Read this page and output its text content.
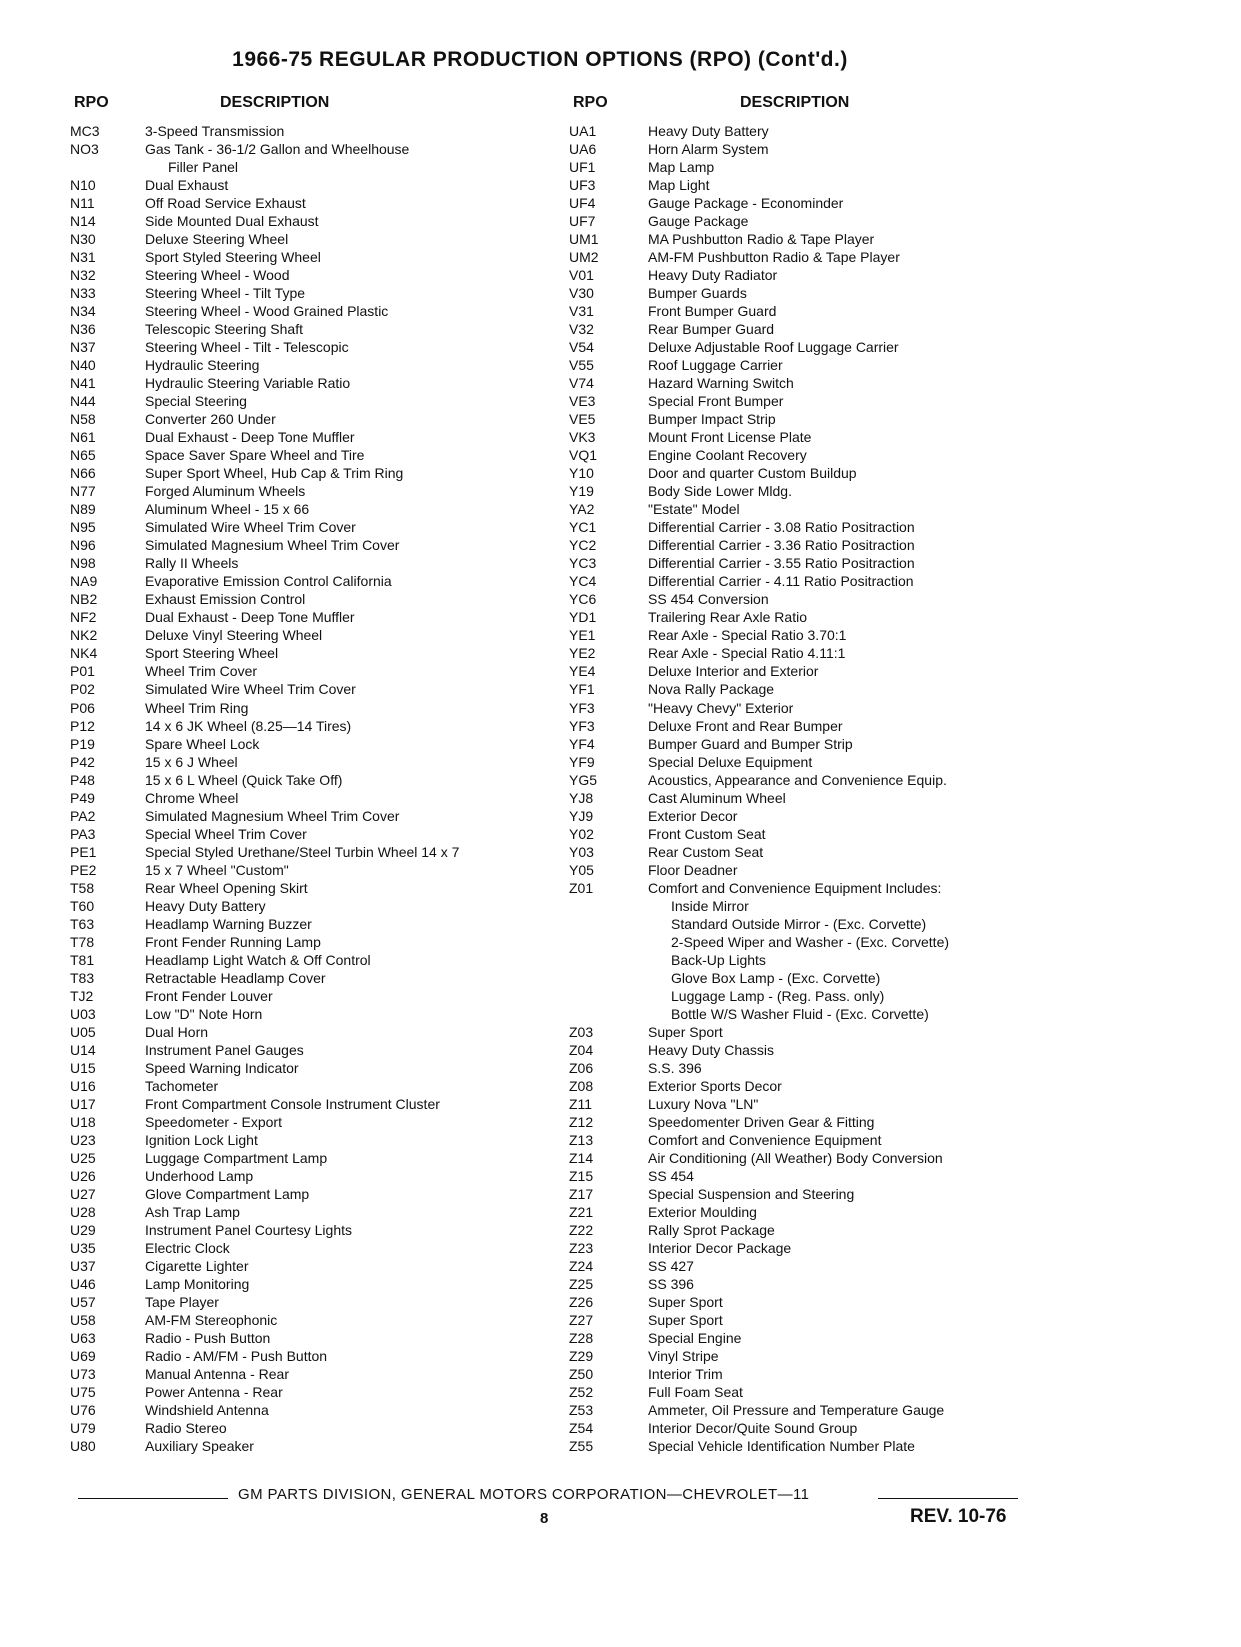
1966-75 REGULAR PRODUCTION OPTIONS (RPO) (Cont'd.)
RPO	DESCRIPTION
MC3	3-Speed Transmission
NO3	Gas Tank - 36-1/2 Gallon and Wheelhouse
Filler Panel
N10	Dual Exhaust
N11	Off Road Service Exhaust
N14	Side Mounted Dual Exhaust
N30	Deluxe Steering Wheel
N31	Sport Styled Steering Wheel
N32	Steering Wheel - Wood
N33	Steering Wheel - Tilt Type
N34	Steering Wheel - Wood Grained Plastic
N36	Telescopic Steering Shaft
N37	Steering Wheel - Tilt - Telescopic
N40	Hydraulic Steering
N41	Hydraulic Steering Variable Ratio
N44	Special Steering
N58	Converter 260 Under
N61	Dual Exhaust - Deep Tone Muffler
N65	Space Saver Spare Wheel and Tire
N66	Super Sport Wheel, Hub Cap & Trim Ring
N77	Forged Aluminum Wheels
N89	Aluminum Wheel - 15 x 66
N95	Simulated Wire Wheel Trim Cover
N96	Simulated Magnesium Wheel Trim Cover
N98	Rally II Wheels
NA9	Evaporative Emission Control California
NB2	Exhaust Emission Control
NF2	Dual Exhaust - Deep Tone Muffler
NK2	Deluxe Vinyl Steering Wheel
NK4	Sport Steering Wheel
P01	Wheel Trim Cover
P02	Simulated Wire Wheel Trim Cover
P06	Wheel Trim Ring
P12	14 x 6 JK Wheel (8.25—14 Tires)
P19	Spare Wheel Lock
P42	15 x 6 J Wheel
P48	15 x 6 L Wheel (Quick Take Off)
P49	Chrome Wheel
PA2	Simulated Magnesium Wheel Trim Cover
PA3	Special Wheel Trim Cover
PE1	Special Styled Urethane/Steel Turbin Wheel 14 x 7
PE2	15 x 7 Wheel "Custom"
T58	Rear Wheel Opening Skirt
T60	Heavy Duty Battery
T63	Headlamp Warning Buzzer
T78	Front Fender Running Lamp
T81	Headlamp Light Watch & Off Control
T83	Retractable Headlamp Cover
TJ2	Front Fender Louver
U03	Low "D" Note Horn
U05	Dual Horn
U14	Instrument Panel Gauges
U15	Speed Warning Indicator
U16	Tachometer
U17	Front Compartment Console Instrument Cluster
U18	Speedometer - Export
U23	Ignition Lock Light
U25	Luggage Compartment Lamp
U26	Underhood Lamp
U27	Glove Compartment Lamp
U28	Ash Trap Lamp
U29	Instrument Panel Courtesy Lights
U35	Electric Clock
U37	Cigarette Lighter
U46	Lamp Monitoring
U57	Tape Player
U58	AM-FM Stereophonic
U63	Radio - Push Button
U69	Radio - AM/FM - Push Button
U73	Manual Antenna - Rear
U75	Power Antenna - Rear
U76	Windshield Antenna
U79	Radio Stereo
U80	Auxiliary Speaker
RPO	DESCRIPTION
UA1	Heavy Duty Battery
UA6	Horn Alarm System
UF1	Map Lamp
UF3	Map Light
UF4	Gauge Package - Econominder
UF7	Gauge Package
UM1	MA Pushbutton Radio & Tape Player
UM2	AM-FM Pushbutton Radio & Tape Player
V01	Heavy Duty Radiator
V30	Bumper Guards
V31	Front Bumper Guard
V32	Rear Bumper Guard
V54	Deluxe Adjustable Roof Luggage Carrier
V55	Roof Luggage Carrier
V74	Hazard Warning Switch
VE3	Special Front Bumper
VE5	Bumper Impact Strip
VK3	Mount Front License Plate
VQ1	Engine Coolant Recovery
Y10	Door and quarter Custom Buildup
Y19	Body Side Lower Mldg.
YA2	"Estate" Model
YC1	Differential Carrier - 3.08 Ratio Positraction
YC2	Differential Carrier - 3.36 Ratio Positraction
YC3	Differential Carrier - 3.55 Ratio Positraction
YC4	Differential Carrier - 4.11 Ratio Positraction
YC6	SS 454 Conversion
YD1	Trailering Rear Axle Ratio
YE1	Rear Axle - Special Ratio 3.70:1
YE2	Rear Axle - Special Ratio 4.11:1
YE4	Deluxe Interior and Exterior
YF1	Nova Rally Package
YF3	"Heavy Chevy" Exterior
YF3	Deluxe Front and Rear Bumper
YF4	Bumper Guard and Bumper Strip
YF9	Special Deluxe Equipment
YG5	Acoustics, Appearance and Convenience Equip.
YJ8	Cast Aluminum Wheel
YJ9	Exterior Decor
Y02	Front Custom Seat
Y03	Rear Custom Seat
Y05	Floor Deadner
Z01	Comfort and Convenience Equipment Includes:
Inside Mirror
Standard Outside Mirror - (Exc. Corvette)
2-Speed Wiper and Washer - (Exc. Corvette)
Back-Up Lights
Glove Box Lamp - (Exc. Corvette)
Luggage Lamp - (Reg. Pass. only)
Bottle W/S Washer Fluid - (Exc. Corvette)
Z03	Super Sport
Z04	Heavy Duty Chassis
Z06	S.S. 396
Z08	Exterior Sports Decor
Z11	Luxury Nova "LN"
Z12	Speedomenter Driven Gear & Fitting
Z13	Comfort and Convenience Equipment
Z14	Air Conditioning (All Weather) Body Conversion
Z15	SS 454
Z17	Special Suspension and Steering
Z21	Exterior Moulding
Z22	Rally Sprot Package
Z23	Interior Decor Package
Z24	SS 427
Z25	SS 396
Z26	Super Sport
Z27	Super Sport
Z28	Special Engine
Z29	Vinyl Stripe
Z50	Interior Trim
Z52	Full Foam Seat
Z53	Ammeter, Oil Pressure and Temperature Gauge
Z54	Interior Decor/Quite Sound Group
Z55	Special Vehicle Identification Number Plate
GM PARTS DIVISION, GENERAL MOTORS CORPORATION—CHEVROLET—11
8	REV. 10-76
